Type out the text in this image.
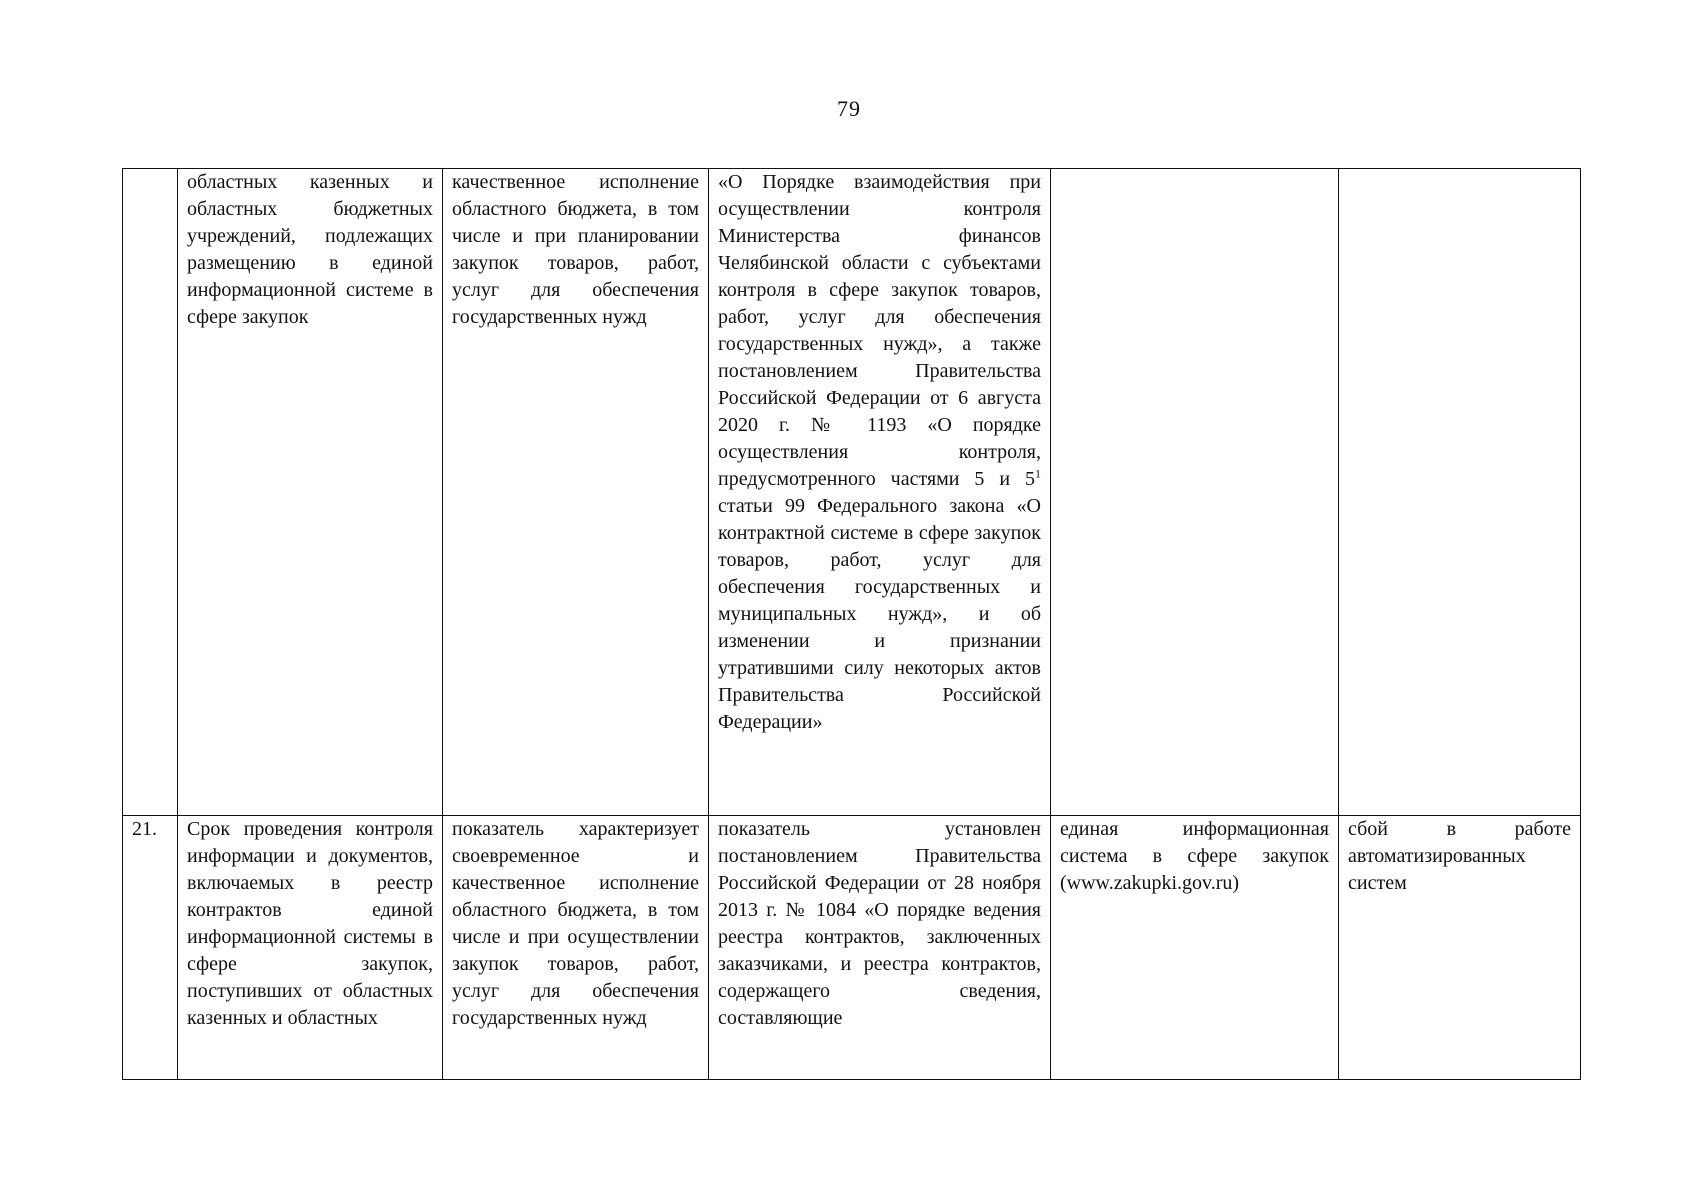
79
	областных казенных и областных бюджетных учреждений, подлежащих размещению в единой информационной системе в сфере закупок	качественное исполнение областного бюджета, в том числе и при планировании закупок товаров, работ, услуг для обеспечения государственных нужд	«О Порядке взаимодействия при осуществлении контроля Министерства финансов Челябинской области с субъектами контроля в сфере закупок товаров, работ, услуг для обеспечения государственных нужд», а также постановлением Правительства Российской Федерации от 6 августа 2020 г. № 1193 «О порядке осуществления контроля, предусмотренного частями 5 и $5^1$ статьи 99 Федерального закона «О контрактной системе в сфере закупок товаров, работ, услуг для обеспечения государственных и муниципальных нужд», и об изменении и признании утратившими силу некоторых актов Правительства Российской Федерации»		
21.	Срок проведения контроля информации и документов, включаемых в реестр контрактов единой информационной системы в сфере закупок, поступивших от областных казенных и областных	показатель характеризует своевременное и качественное исполнение областного бюджета, в том числе и при осуществлении закупок товаров, работ, услуг для обеспечения государственных нужд	показатель установлен постановлением Правительства Российской Федерации от 28 ноября 2013 г. № 1084 «О порядке ведения реестра контрактов, заключенных заказчиками, и реестра контрактов, содержащего сведения, составляющие	единая информационная система в сфере закупок (www.zakupki.gov.ru)	сбой в работе автоматизированных систем
